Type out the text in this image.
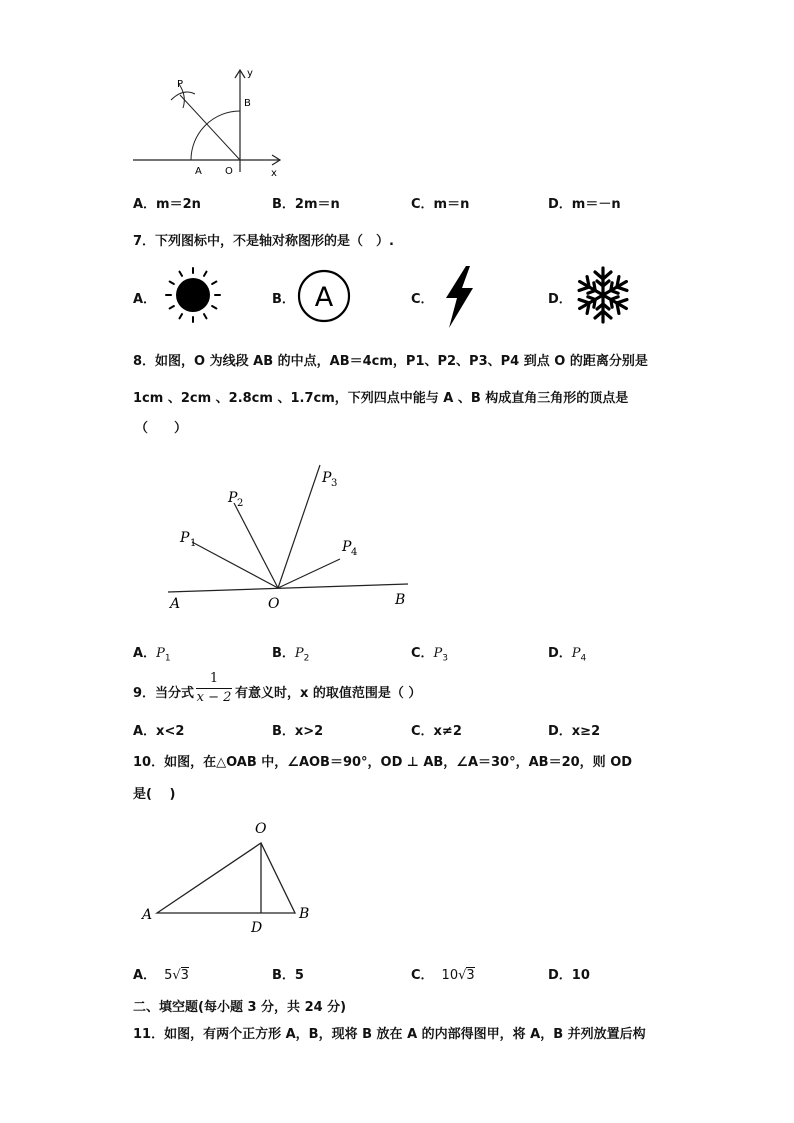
P
y
B
A O	x
A．m＝2n	B．2m＝n	C．m＝n	D．m＝－n
7．下列图标中，不是轴对称图形的是（　）.
A．	B． A	C．	D．
8．如图，O 为线段 AB 的中点，AB＝4cm，P1、P2、P3、P4 到点 O 的距离分别是
1cm 、2cm 、2.8cm 、1.7cm，下列四点中能与 A 、B 构成直角三角形的顶点是
（　　）
A	O	B
P 1
P 2
P 3
P 4
A．$P_1$	B．$P_2$	C．$P_3$	D．$P_4$
9．当分式 $\frac{1}{x - 2}$ 有意义时，x 的取值范围是（ ）
A．x<2	B．x>2	C．x≠2	D．x≥2
10．如图，在△OAB 中，∠AOB＝90°，OD ⊥ AB，∠A＝30°，AB＝20，则 OD
是(　 )
O
A	B
D
A． 5√3	B．5	C． 10√3	D．10
二、填空题(每小题 3 分，共 24 分)
11．如图，有两个正方形 A，B，现将 B 放在 A 的内部得图甲，将 A，B 并列放置后构
